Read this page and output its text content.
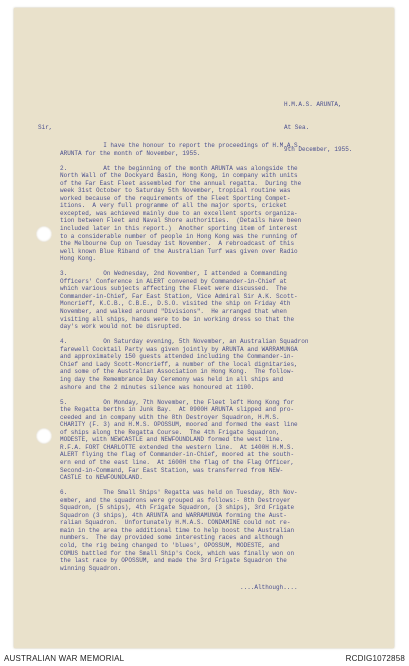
H.M.A.S. ARUNTA,

At Sea.

9th December, 1955.

Sir,
I have the honour to report the proceedings of H.M.A.S.
ARUNTA for the month of November, 1955.

2.          At the beginning of the month ARUNTA was alongside the
North Wall of the Dockyard Basin, Hong Kong, in company with units
of the Far East Fleet assembled for the annual regatta.  During the
week 31st October to Saturday 5th November, tropical routine was
worked because of the requirements of the Fleet Sporting Compet-
itions.  A very full programme of all the major sports, cricket
excepted, was achieved mainly due to an excellent sports organiza-
tion between Fleet and Naval Shore authorities.  (Details have been
included later in this report.)  Another sporting item of interest
to a considerable number of people in Hong Kong was the running of
the Melbourne Cup on Tuesday 1st November.  A rebroadcast of this
well known Blue Riband of the Australian Turf was given over Radio
Hong Kong.

3.          On Wednesday, 2nd November, I attended a Commanding
Officers' Conference in ALERT convened by Commander-in-Chief at
which various subjects affecting the Fleet were discussed.  The
Commander-in-Chief, Far East Station, Vice Admiral Sir A.K. Scott-
Moncrieff, K.C.B., C.B.E., D.S.O. visited the ship on Friday 4th
November, and walked around "Divisions".  He arranged that when
visiting all ships, hands were to be in working dress so that the
day's work would not be disrupted.

4.          On Saturday evening, 5th November, an Australian Squadron
farewell Cocktail Party was given jointly by ARUNTA and WARRAMUNGA
and approximately 150 guests attended including the Commander-in-
Chief and Lady Scott-Moncrieff, a number of the local dignitaries,
and some of the Australian Association in Hong Kong.  The follow-
ing day the Remembrance Day Ceremony was held in all ships and
ashore and the 2 minutes silence was honoured at 1100.

5.          On Monday, 7th November, the Fleet left Hong Kong for
the Regatta berths in Junk Bay.  At 0900H ARUNTA slipped and pro-
ceeded and in company with the 8th Destroyer Squadron, H.M.S.
CHARITY (F. 3) and H.M.S. OPOSSUM, moored and formed the east line
of ships along the Regatta Course.  The 4th Frigate Squadron,
MODESTE, with NEWCASTLE and NEWFOUNDLAND formed the west line.
R.F.A. FORT CHARLOTTE extended the western line.  At 1400H H.M.S.
ALERT flying the flag of Commander-in-Chief, moored at the south-
ern end of the east line.  At 1600H the flag of the Flag Officer,
Second-in-Command, Far East Station, was transferred from NEW-
CASTLE to NEWFOUNDLAND.

6.          The Small Ships' Regatta was held on Tuesday, 8th Nov-
ember, and the squadrons were grouped as follows:- 8th Destroyer
Squadron, (5 ships), 4th Frigate Squadron, (3 ships), 3rd Frigate
Squadron (3 ships), 4th ARUNTA and WARRAMUNGA forming the Aust-
ralian Squadron.  Unfortunately H.M.A.S. CONDAMINE could not re-
main in the area the additional time to help boost the Australian
numbers.  The day provided some interesting races and although
cold, the rig being changed to 'blues', OPOSSUM, MODESTE, and
COMUS battled for the Small Ship's Cock, which was finally won on
the last race by OPOSSUM, and made the 3rd Frigate Squadron the
winning Squadron.
....Although....
AUSTRALIAN WAR MEMORIAL	RCDIG1072858
